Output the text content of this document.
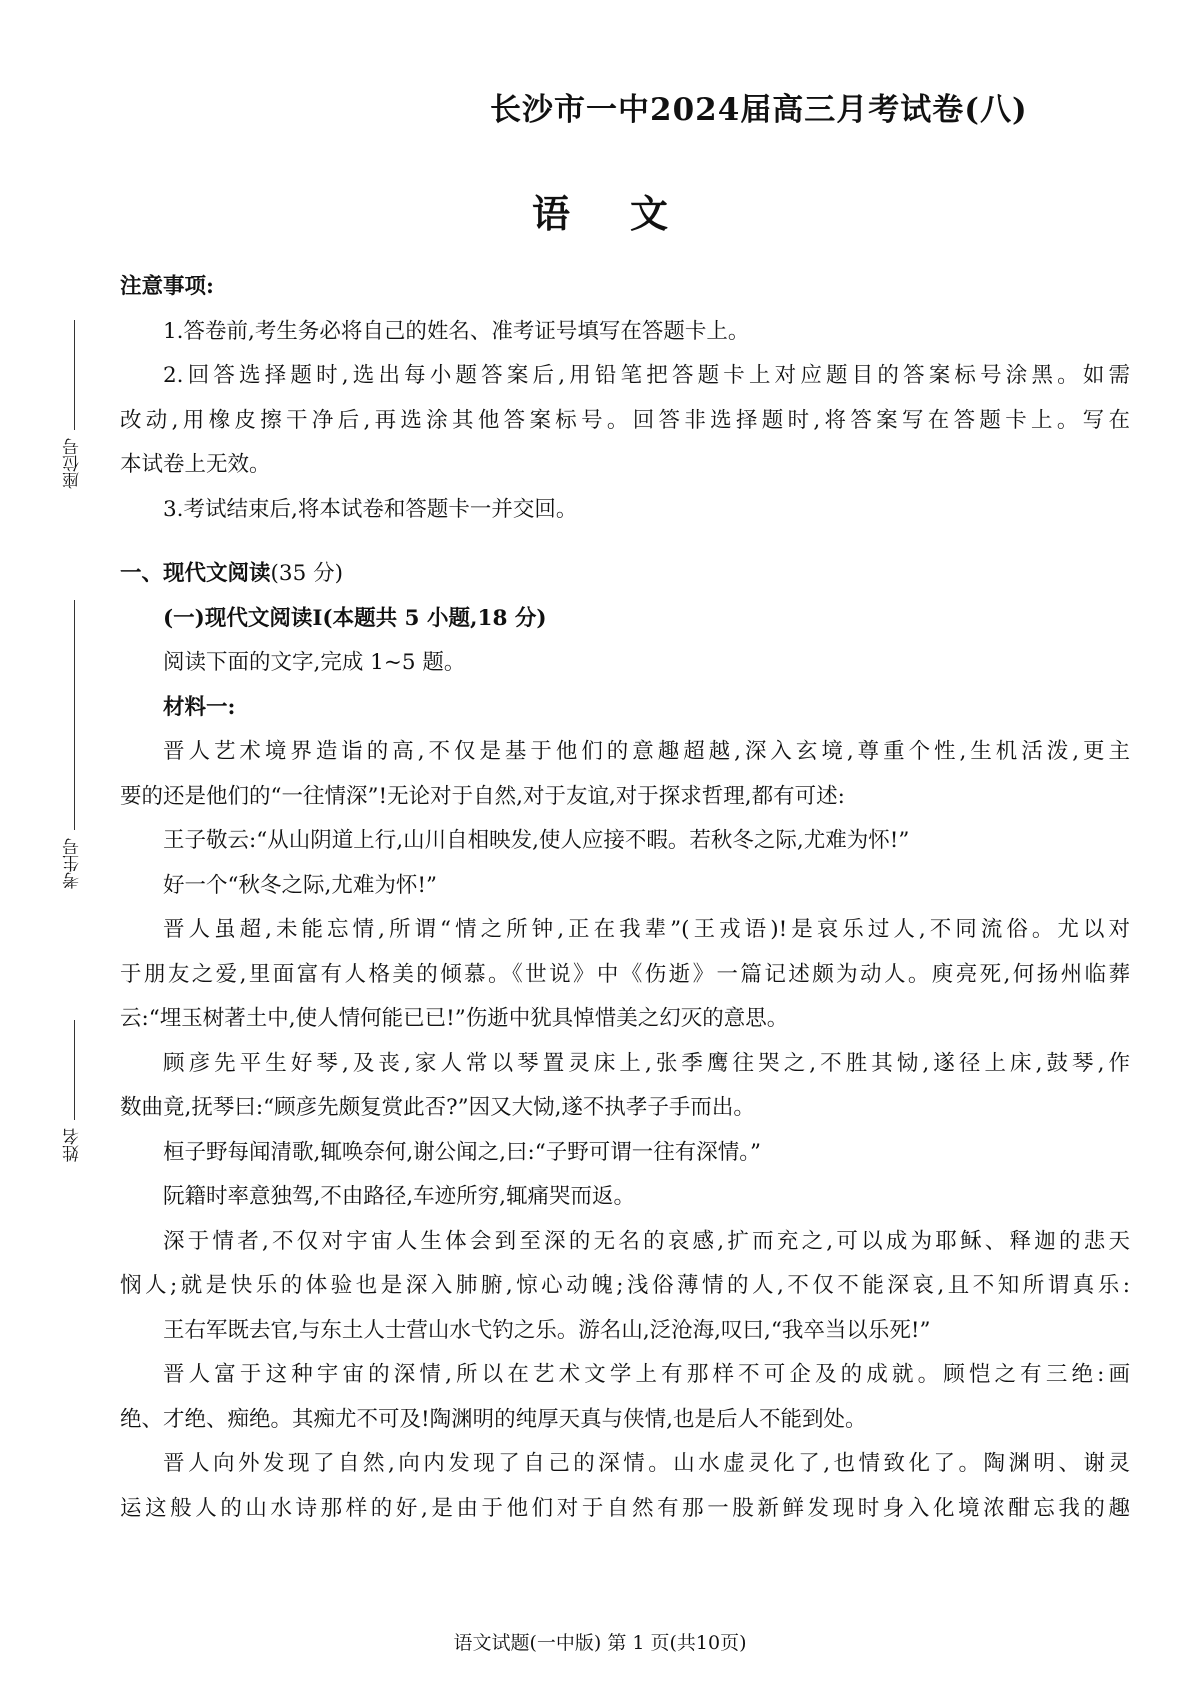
长沙市一中2024届高三月考试卷(八)
语文
座位号
考生号
姓名

注意事项:

1.答卷前,考生务必将自己的姓名、准考证号填写在答题卡上。

2.回答选择题时,选出每小题答案后,用铅笔把答题卡上对应题目的答案标号涂黑。如需

改动,用橡皮擦干净后,再选涂其他答案标号。回答非选择题时,将答案写在答题卡上。写在

本试卷上无效。

3.考试结束后,将本试卷和答题卡一并交回。

一、现代文阅读(35 分)

(一)现代文阅读Ⅰ(本题共 5 小题,18 分)

阅读下面的文字,完成 1~5 题。

材料一:

晋人艺术境界造诣的高,不仅是基于他们的意趣超越,深入玄境,尊重个性,生机活泼,更主

要的还是他们的“一往情深”!无论对于自然,对于友谊,对于探求哲理,都有可述:

王子敬云:“从山阴道上行,山川自相映发,使人应接不暇。若秋冬之际,尤难为怀!”

好一个“秋冬之际,尤难为怀!”

晋人虽超,未能忘情,所谓“情之所钟,正在我辈”(王戎语)!是哀乐过人,不同流俗。尤以对

于朋友之爱,里面富有人格美的倾慕。《世说》中《伤逝》一篇记述颇为动人。庾亮死,何扬州临葬

云:“埋玉树著土中,使人情何能已已!”伤逝中犹具悼惜美之幻灭的意思。

顾彦先平生好琴,及丧,家人常以琴置灵床上,张季鹰往哭之,不胜其恸,遂径上床,鼓琴,作

数曲竟,抚琴曰:“顾彦先颇复赏此否?”因又大恸,遂不执孝子手而出。

桓子野每闻清歌,辄唤奈何,谢公闻之,曰:“子野可谓一往有深情。”

阮籍时率意独驾,不由路径,车迹所穷,辄痛哭而返。

深于情者,不仅对宇宙人生体会到至深的无名的哀感,扩而充之,可以成为耶稣、释迦的悲天

悯人;就是快乐的体验也是深入肺腑,惊心动魄;浅俗薄情的人,不仅不能深哀,且不知所谓真乐:

王右军既去官,与东土人士营山水弋钓之乐。游名山,泛沧海,叹曰,“我卒当以乐死!”

晋人富于这种宇宙的深情,所以在艺术文学上有那样不可企及的成就。顾恺之有三绝:画

绝、才绝、痴绝。其痴尤不可及!陶渊明的纯厚天真与侠情,也是后人不能到处。

晋人向外发现了自然,向内发现了自己的深情。山水虚灵化了,也情致化了。陶渊明、谢灵

运这般人的山水诗那样的好,是由于他们对于自然有那一股新鲜发现时身入化境浓酣忘我的趣

语文试题(一中版) 第 1 页(共10页)
